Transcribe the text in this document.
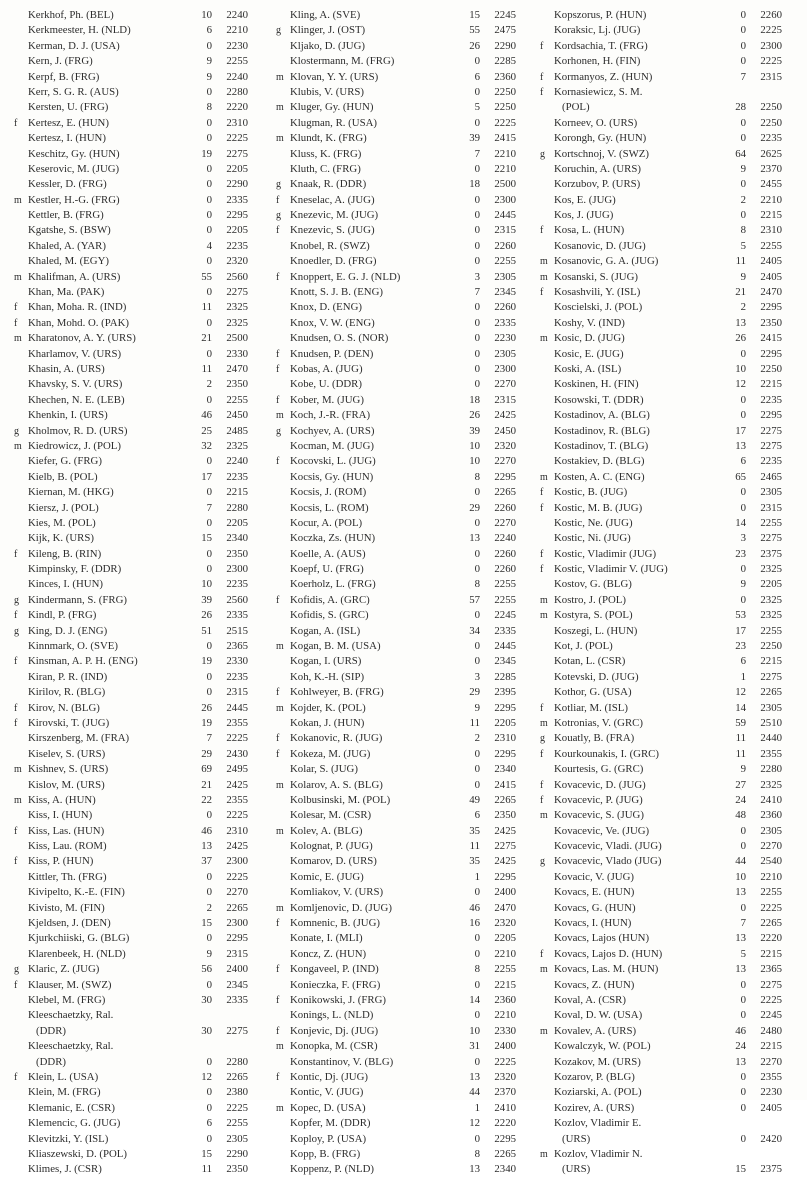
Kerkhof, Ph. (BEL)	10	2240
Kerkmeester, H. (NLD)	6	2210
Kerman, D. J. (USA)	0	2230
Kern, J. (FRG)	9	2255
Kerpf, B. (FRG)	9	2240
Kerr, S. G. R. (AUS)	0	2280
Kersten, U. (FRG)	8	2220
f Kertesz, E. (HUN)	0	2310
Kertesz, I. (HUN)	0	2225
Keschitz, Gy. (HUN)	19	2275
Keserovic, M. (JUG)	0	2205
Kessler, D. (FRG)	0	2290
m Kestler, H.-G. (FRG)	0	2335
Kettler, B. (FRG)	0	2295
Kgatshe, S. (BSW)	0	2205
Khaled, A. (YAR)	4	2235
Khaled, M. (EGY)	0	2320
m Khalifman, A. (URS)	55	2560
Khan, Ma. (PAK)	0	2275
f Khan, Moha. R. (IND)	11	2325
f Khan, Mohd. O. (PAK)	0	2325
m Kharatonov, A. Y. (URS)	21	2500
Kharlamov, V. (URS)	0	2330
Khasin, A. (URS)	11	2470
Khavsky, S. V. (URS)	2	2350
Khechen, N. E. (LEB)	0	2255
Khenkin, I. (URS)	46	2450
g Kholmov, R. D. (URS)	25	2485
m Kiedrowicz, J. (POL)	32	2325
Kiefer, G. (FRG)	0	2240
Kielb, B. (POL)	17	2235
Kiernan, M. (HKG)	0	2215
Kiersz, J. (POL)	7	2280
Kies, M. (POL)	0	2205
Kijk, K. (URS)	15	2340
f Kileng, B. (RIN)	0	2350
Kimpinsky, F. (DDR)	0	2300
Kinces, I. (HUN)	10	2235
g Kindermann, S. (FRG)	39	2560
f Kindl, P. (FRG)	26	2335
g King, D. J. (ENG)	51	2515
Kinnmark, O. (SVE)	0	2365
f Kinsman, A. P. H. (ENG)	19	2330
Kiran, P. R. (IND)	0	2235
Kirilov, R. (BLG)	0	2315
f Kirov, N. (BLG)	26	2445
f Kirovski, T. (JUG)	19	2355
Kirszenberg, M. (FRA)	7	2225
Kiselev, S. (URS)	29	2430
m Kishnev, S. (URS)	69	2495
Kislov, M. (URS)	21	2425
m Kiss, A. (HUN)	22	2355
Kiss, I. (HUN)	0	2225
f Kiss, Las. (HUN)	46	2310
Kiss, Lau. (ROM)	13	2425
f Kiss, P. (HUN)	37	2300
Kittler, Th. (FRG)	0	2225
Kivipelto, K.-E. (FIN)	0	2270
Kivisto, M. (FIN)	2	2265
Kjeldsen, J. (DEN)	15	2300
Kjurkchiiski, G. (BLG)	0	2295
Klarenbeek, H. (NLD)	9	2315
g Klaric, Z. (JUG)	56	2400
f Klauser, M. (SWZ)	0	2345
Klebel, M. (FRG)	30	2335
Kleeschaetzky, Ral.
(DDR)	30	2275
Kleeschaetzky, Ral.
(DDR)	0	2280
f Klein, L. (USA)	12	2265
Klein, M. (FRG)	0	2380
Klemanic, E. (CSR)	0	2225
Klemencic, G. (JUG)	6	2255
Klevitzki, Y. (ISL)	0	2305
Kliaszewski, D. (POL)	15	2290
Klimes, J. (CSR)	11	2350
Kling, A. (SVE)	15	2245
g Klinger, J. (OST)	55	2475
Kljako, D. (JUG)	26	2290
Klostermann, M. (FRG)	0	2285
m Klovan, Y. Y. (URS)	6	2360
Klubis, V. (URS)	0	2250
m Kluger, Gy. (HUN)	5	2250
Klugman, R. (USA)	0	2225
m Klundt, K. (FRG)	39	2415
Kluss, K. (FRG)	7	2210
Kluth, C. (FRG)	0	2210
g Knaak, R. (DDR)	18	2500
f Kneselac, A. (JUG)	0	2300
g Knezevic, M. (JUG)	0	2445
f Knezevic, S. (JUG)	0	2315
Knobel, R. (SWZ)	0	2260
Knoedler, D. (FRG)	0	2255
f Knoppert, E. G. J. (NLD)	3	2305
Knott, S. J. B. (ENG)	7	2345
Knox, D. (ENG)	0	2260
Knox, V. W. (ENG)	0	2335
Knudsen, O. S. (NOR)	0	2230
f Knudsen, P. (DEN)	0	2305
f Kobas, A. (JUG)	0	2300
Kobe, U. (DDR)	0	2270
f Kober, M. (JUG)	18	2315
m Koch, J.-R. (FRA)	26	2425
g Kochyev, A. (URS)	39	2450
Kocman, M. (JUG)	10	2320
f Kocovski, L. (JUG)	10	2270
Kocsis, Gy. (HUN)	8	2295
Kocsis, J. (ROM)	0	2265
Kocsis, L. (ROM)	29	2260
Kocur, A. (POL)	0	2270
Koczka, Zs. (HUN)	13	2240
Koelle, A. (AUS)	0	2260
Koepf, U. (FRG)	0	2260
Koerholz, L. (FRG)	8	2255
f Kofidis, A. (GRC)	57	2255
Kofidis, S. (GRC)	0	2245
Kogan, A. (ISL)	34	2335
m Kogan, B. M. (USA)	0	2445
Kogan, I. (URS)	0	2345
Koh, K.-H. (SIP)	3	2285
f Kohlweyer, B. (FRG)	29	2395
m Kojder, K. (POL)	9	2295
Kokan, J. (HUN)	11	2205
f Kokanovic, R. (JUG)	2	2310
f Kokeza, M. (JUG)	0	2295
Kolar, S. (JUG)	0	2340
m Kolarov, A. S. (BLG)	0	2415
Kolbusinski, M. (POL)	49	2265
Kolesar, M. (CSR)	6	2350
m Kolev, A. (BLG)	35	2425
Kolognat, P. (JUG)	11	2275
Komarov, D. (URS)	35	2425
Komic, E. (JUG)	1	2295
Komliakov, V. (URS)	0	2400
m Komljenovic, D. (JUG)	46	2470
f Komnenic, B. (JUG)	16	2320
Konate, I. (MLI)	0	2205
Koncz, Z. (HUN)	0	2210
f Kongaveel, P. (IND)	8	2255
Konieczka, F. (FRG)	0	2215
f Konikowski, J. (FRG)	14	2360
Konings, L. (NLD)	0	2210
f Konjevic, Dj. (JUG)	10	2330
m Konopka, M. (CSR)	31	2400
Konstantinov, V. (BLG)	0	2225
f Kontic, Dj. (JUG)	13	2320
Kontic, V. (JUG)	44	2370
m Kopec, D. (USA)	1	2410
Kopfer, M. (DDR)	12	2220
Koploy, P. (USA)	0	2295
Kopp, B. (FRG)	8	2265
Koppenz, P. (NLD)	13	2340
Kopszorus, P. (HUN)	0	2260
Koraksic, Lj. (JUG)	0	2225
f Kordsachia, T. (FRG)	0	2300
Korhonen, H. (FIN)	0	2225
f Kormanyos, Z. (HUN)	7	2315
f Kornasiewicz, S. M.
(POL)	28	2250
Korneev, O. (URS)	0	2250
Korongh, Gy. (HUN)	0	2235
g Kortschnoj, V. (SWZ)	64	2625
Koruchin, A. (URS)	9	2370
Korzubov, P. (URS)	0	2455
Kos, E. (JUG)	2	2210
Kos, J. (JUG)	0	2215
f Kosa, L. (HUN)	8	2310
Kosanovic, D. (JUG)	5	2255
m Kosanovic, G. A. (JUG)	11	2405
m Kosanski, S. (JUG)	9	2405
f Kosashvili, Y. (ISL)	21	2470
Koscielski, J. (POL)	2	2295
Koshy, V. (IND)	13	2350
m Kosic, D. (JUG)	26	2415
Kosic, E. (JUG)	0	2295
Koski, A. (ISL)	10	2250
Koskinen, H. (FIN)	12	2215
Kosowski, T. (DDR)	0	2235
Kostadinov, A. (BLG)	0	2295
Kostadinov, R. (BLG)	17	2275
Kostadinov, T. (BLG)	13	2275
Kostakiev, D. (BLG)	6	2235
m Kosten, A. C. (ENG)	65	2465
f Kostic, B. (JUG)	0	2305
f Kostic, M. B. (JUG)	0	2315
Kostic, Ne. (JUG)	14	2255
Kostic, Ni. (JUG)	3	2275
f Kostic, Vladimir (JUG)	23	2375
f Kostic, Vladimir V. (JUG)	0	2325
Kostov, G. (BLG)	9	2205
m Kostro, J. (POL)	0	2325
m Kostyra, S. (POL)	53	2325
Koszegi, L. (HUN)	17	2255
Kot, J. (POL)	23	2250
Kotan, L. (CSR)	6	2215
Kotevski, D. (JUG)	1	2275
Kothor, G. (USA)	12	2265
f Kotliar, M. (ISL)	14	2305
m Kotronias, V. (GRC)	59	2510
g Kouatly, B. (FRA)	11	2440
f Kourkounakis, I. (GRC)	11	2355
Kourtesis, G. (GRC)	9	2280
f Kovacevic, D. (JUG)	27	2325
f Kovacevic, P. (JUG)	24	2410
m Kovacevic, S. (JUG)	48	2360
Kovacevic, Ve. (JUG)	0	2305
Kovacevic, Vladi. (JUG)	0	2270
g Kovacevic, Vlado (JUG)	44	2540
Kovacic, V. (JUG)	10	2210
Kovacs, E. (HUN)	13	2255
Kovacs, G. (HUN)	0	2225
Kovacs, I. (HUN)	7	2265
Kovacs, Lajos (HUN)	13	2220
f Kovacs, Lajos D. (HUN)	5	2215
m Kovacs, Las. M. (HUN)	13	2365
Kovacs, Z. (HUN)	0	2275
Koval, A. (CSR)	0	2225
Koval, D. W. (USA)	0	2245
m Kovalev, A. (URS)	46	2480
Kowalczyk, W. (POL)	24	2215
Kozakov, M. (URS)	13	2270
Kozarov, P. (BLG)	0	2355
Koziarski, A. (POL)	0	2230
Kozirev, A. (URS)	0	2405
Kozlov, Vladimir E.
(URS)	0	2420
m Kozlov, Vladimir N.
(URS)	15	2375
